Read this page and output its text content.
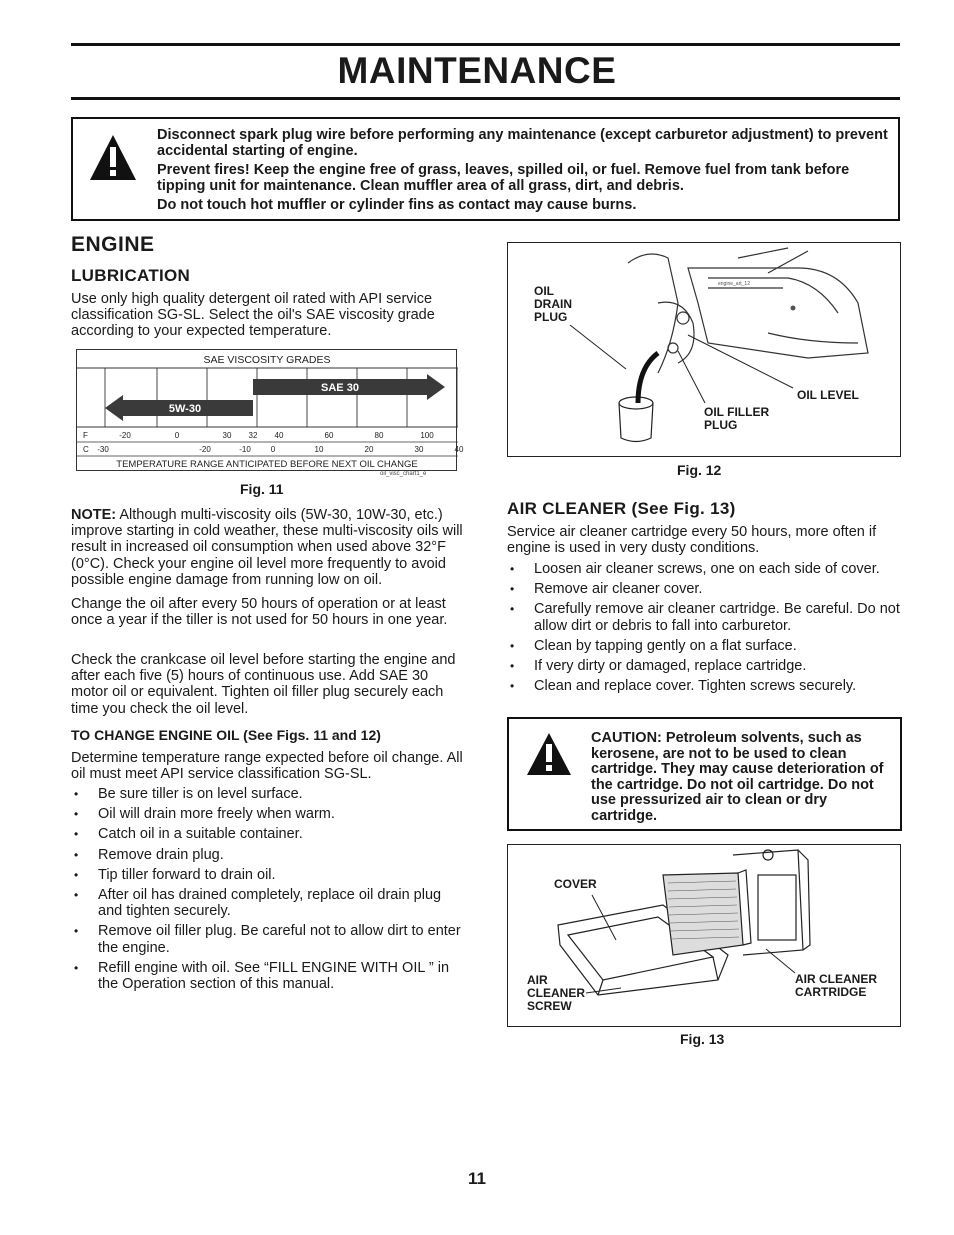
MAINTENANCE

Disconnect spark plug wire before performing any maintenance (except carburetor adjustment) to prevent accidental starting of engine.

Prevent fires! Keep the engine free of grass, leaves, spilled oil, or fuel. Remove fuel from tank before tipping unit for maintenance. Clean muffler area of all grass, dirt, and debris.

Do not touch hot muffler or cylinder fins as contact may cause burns.

ENGINE
LUBRICATION
Use only high quality detergent oil rated with API service classification SG-SL. Select the oil's SAE viscosity grade according to your expected temperature.
SAE VISCOSITY GRADES
SAE 30
5W-30
F
C
-20	0	30 32 40	60	80	100
-30	-20	-10 0	10	20	30	40
TEMPERATURE RANGE ANTICIPATED BEFORE NEXT OIL CHANGE
oil_visc_chart1_e
Fig. 11
NOTE: Although multi-viscosity oils (5W-30, 10W-30, etc.) improve starting in cold weather, these multi-viscosity oils will result in increased oil consumption when used above 32°F (0°C). Check your engine oil level more frequently to avoid possible engine damage from running low on oil.
Change the oil after every 50 hours of operation or at least once a year if the tiller is not used for 50 hours in one year.
Check the crankcase oil level before starting the engine and after each five (5) hours of continuous use. Add SAE 30 motor oil or equivalent. Tighten oil filler plug securely each time you check the oil level.
TO CHANGE ENGINE OIL (See Figs. 11 and 12)
Determine temperature range expected before oil change. All oil must meet API service classification SG-SL.
• Be sure tiller is on level surface.
• Oil will drain more freely when warm.
• Catch oil in a suitable container.
• Remove drain plug.
• Tip tiller forward to drain oil.
• After oil has drained completely, replace oil drain plug and tighten securely.
• Remove oil filler plug. Be careful not to allow dirt to enter the engine.
• Refill engine with oil. See “FILL ENGINE WITH OIL ” in the Operation section of this manual.
engine_art_12
OIL
DRAIN
PLUG
OIL LEVEL
OIL FILLER
PLUG
Fig. 12
AIR CLEANER (See Fig. 13)
Service air cleaner cartridge every 50 hours, more often if engine is used in very dusty conditions.
• Loosen air cleaner screws, one on each side of cover.
• Remove air cleaner cover.
• Carefully remove air cleaner cartridge. Be careful. Do not allow dirt or debris to fall into carburetor.
• Clean by tapping gently on a flat surface.
• If very dirty or damaged, replace cartridge.
• Clean and replace cover. Tighten screws securely.
CAUTION: Petroleum solvents, such as kerosene, are not to be used to clean cartridge. They may cause deterioration of the cartridge. Do not oil cartridge. Do not use pressurized air to clean or dry cartridge.
COVER
AIR
CLEANER
SCREW
AIR CLEANER
CARTRIDGE
Fig. 13
11
